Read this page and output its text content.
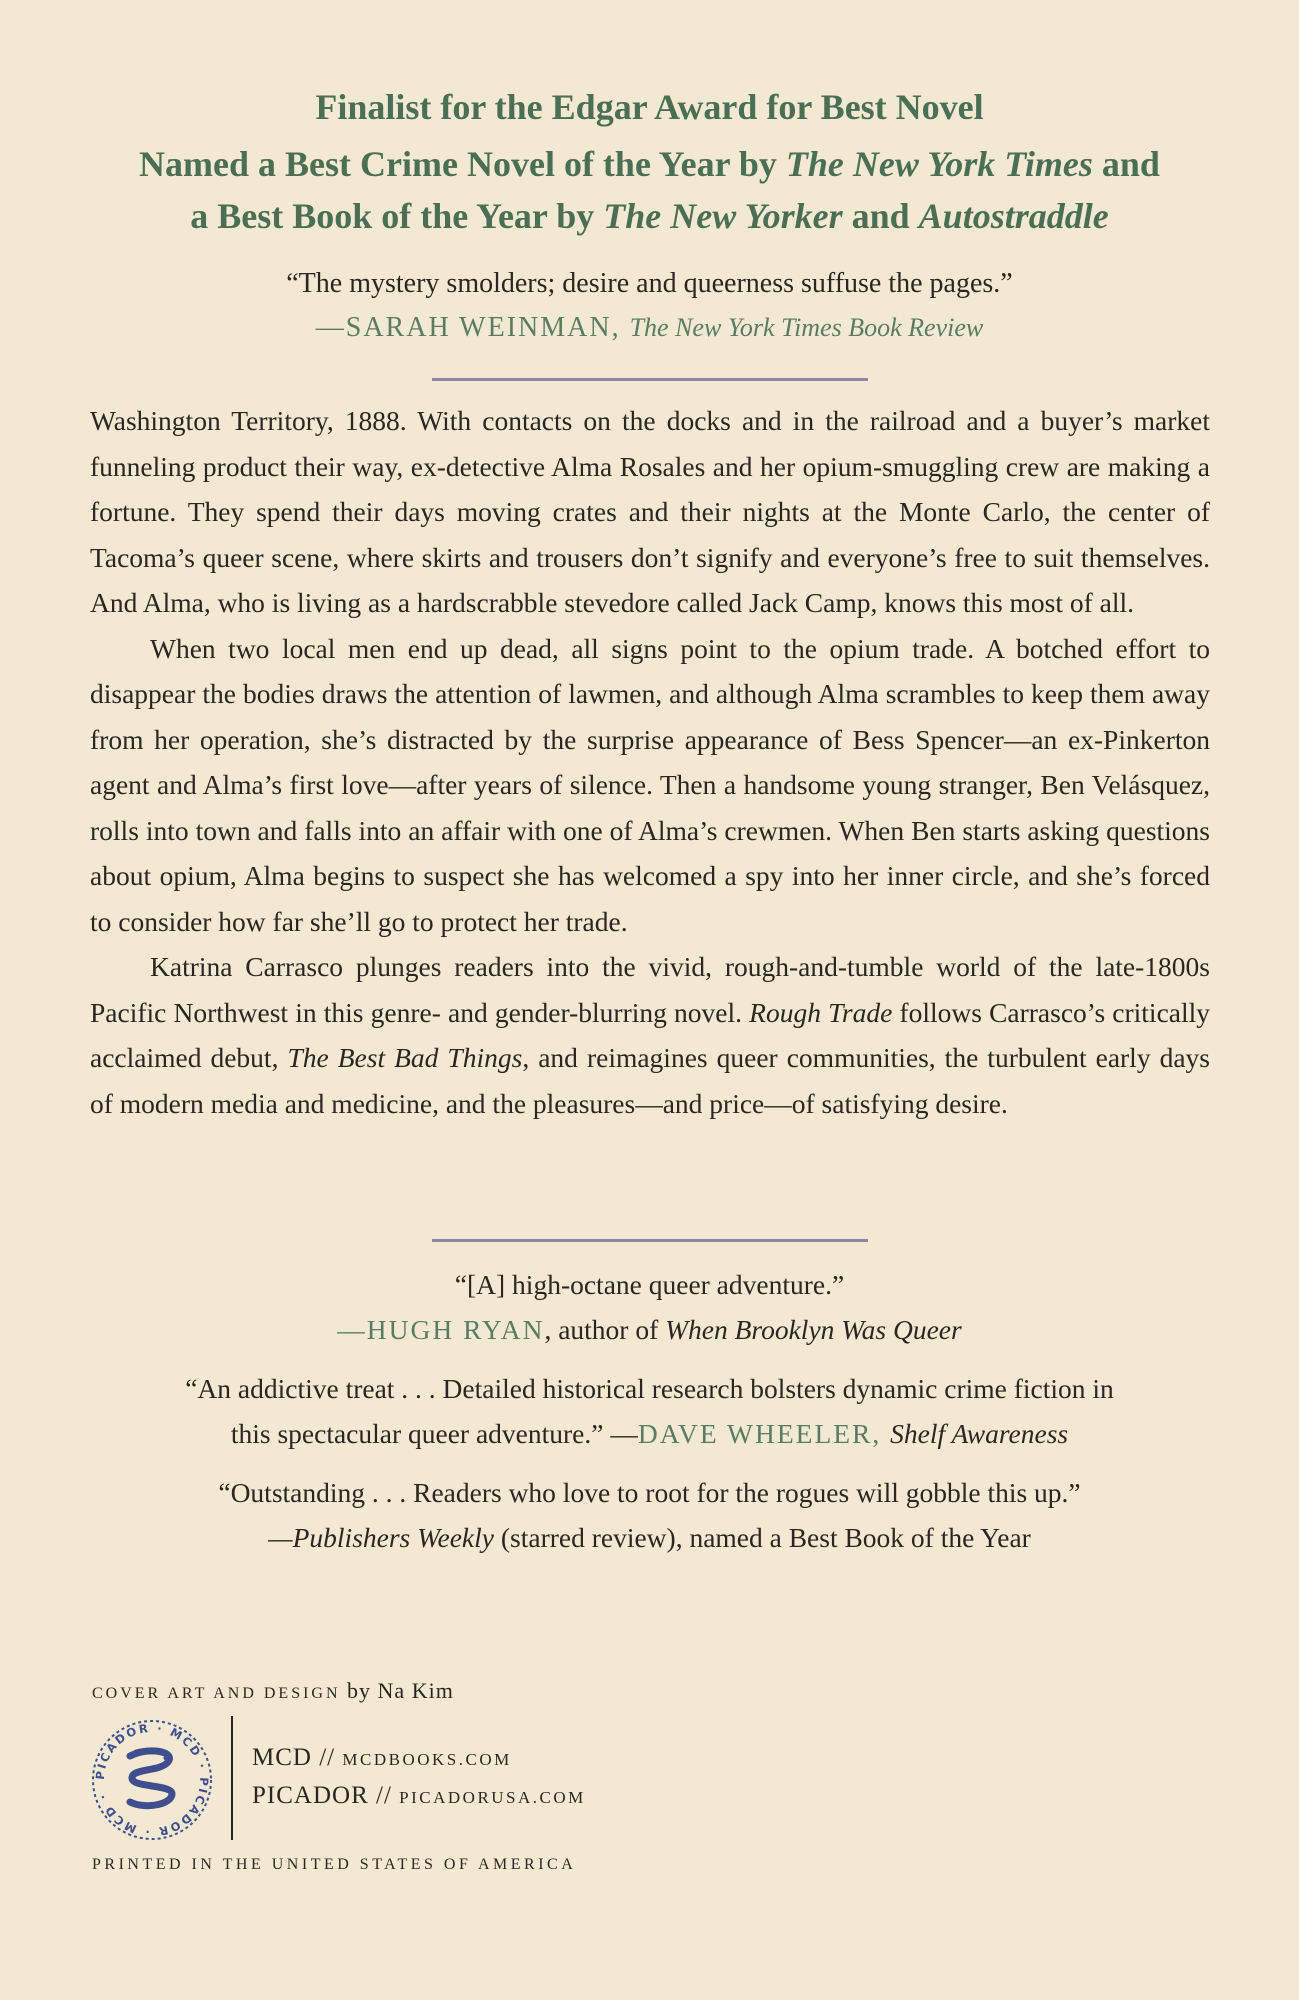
Finalist for the Edgar Award for Best Novel
Named a Best Crime Novel of the Year by The New York Times and
a Best Book of the Year by The New Yorker and Autostraddle
“The mystery smolders; desire and queerness suffuse the pages.”
—SARAH WEINMAN, The New York Times Book Review

Washington Territory, 1888. With contacts on the docks and in the railroad and a buyer’s market funneling product their way, ex-detective Alma Rosales and her opium-smuggling crew are making a fortune. They spend their days moving crates and their nights at the Monte Carlo, the center of Tacoma’s queer scene, where skirts and trousers don’t signify and everyone’s free to suit themselves. And Alma, who is living as a hardscrabble stevedore called Jack Camp, knows this most of all.

When two local men end up dead, all signs point to the opium trade. A botched effort to disappear the bodies draws the attention of lawmen, and although Alma scrambles to keep them away from her operation, she’s distracted by the surprise appearance of Bess Spencer—an ex-Pinkerton agent and Alma’s first love—after years of silence. Then a handsome young stranger, Ben Velásquez, rolls into town and falls into an affair with one of Alma’s crewmen. When Ben starts asking questions about opium, Alma begins to suspect she has welcomed a spy into her inner circle, and she’s forced to consider how far she’ll go to protect her trade.

Katrina Carrasco plunges readers into the vivid, rough-and-tumble world of the late-1800s Pacific Northwest in this genre- and gender-blurring novel. Rough Trade follows Carrasco’s critically acclaimed debut, The Best Bad Things, and reimagines queer communities, the turbulent early days of modern media and medicine, and the pleasures—and price—of satisfying desire.

“[A] high-octane queer adventure.”
—HUGH RYAN, author of When Brooklyn Was Queer
“An addictive treat . . . Detailed historical research bolsters dynamic crime fiction in
this spectacular queer adventure.” —DAVE WHEELER, Shelf Awareness
“Outstanding . . . Readers who love to root for the rogues will gobble this up.”
—Publishers Weekly (starred review), named a Best Book of the Year
COVER ART AND DESIGN by Na Kim
PICADOR · MCD · PICADOR · MCD ·
MCD // MCDBOOKS.COM
PICADOR // PICADORUSA.COM
PRINTED IN THE UNITED STATES OF AMERICA
